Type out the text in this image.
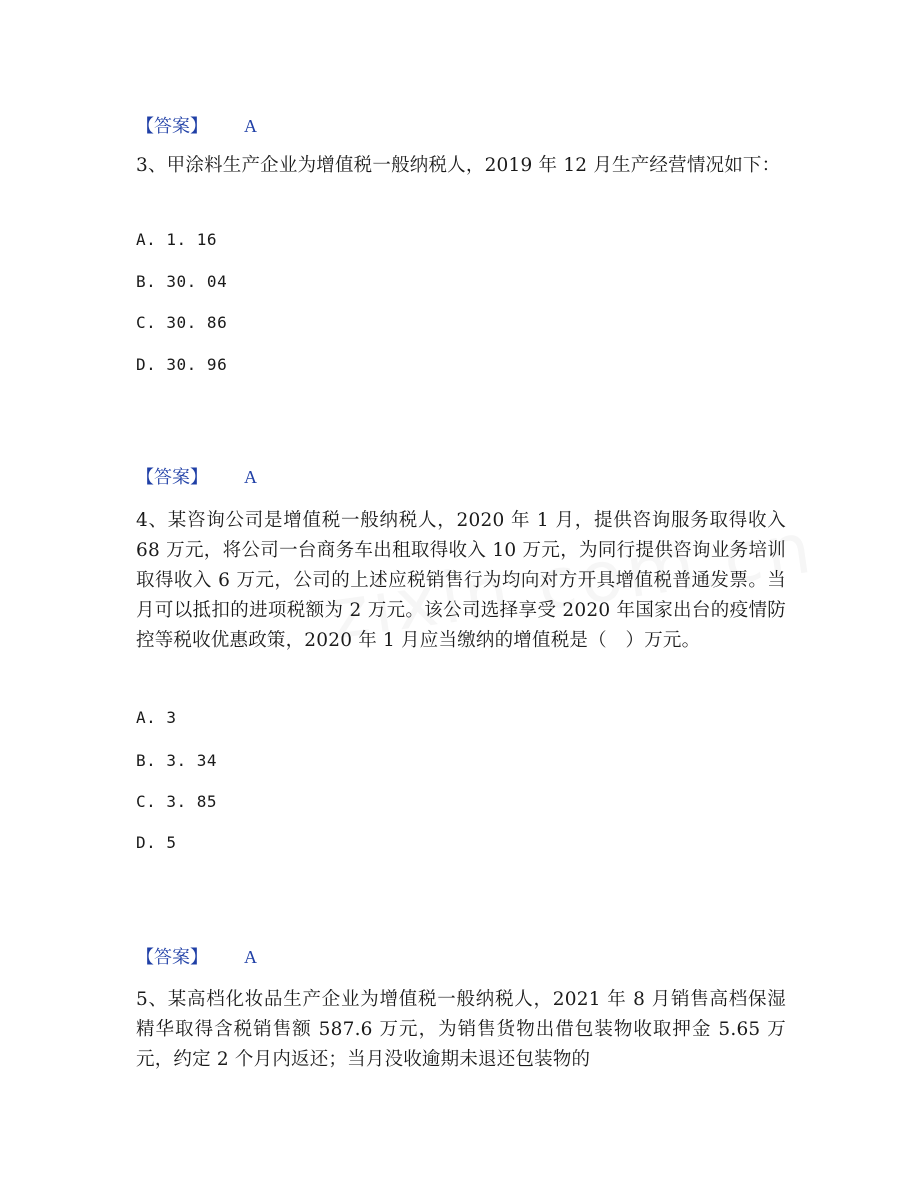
【答案】 A
3、甲涂料生产企业为增值税一般纳税人，2019 年 12 月生产经营情况如下：
A. 1. 16
B. 30. 04
C. 30. 86
D. 30. 96
【答案】 A
4、某咨询公司是增值税一般纳税人，2020 年 1 月，提供咨询服务取得收入 68 万元，将公司一台商务车出租取得收入 10 万元，为同行提供咨询业务培训取得收入 6 万元，公司的上述应税销售行为均向对方开具增值税普通发票。当月可以抵扣的进项税额为 2 万元。该公司选择享受 2020 年国家出台的疫情防控等税收优惠政策，2020 年 1 月应当缴纳的增值税是（　）万元。
A. 3
B. 3. 34
C. 3. 85
D. 5
【答案】 A
5、某高档化妆品生产企业为增值税一般纳税人，2021 年 8 月销售高档保湿精华取得含税销售额 587.6 万元，为销售货物出借包装物收取押金 5.65 万元，约定 2 个月内返还；当月没收逾期未退还包装物的
